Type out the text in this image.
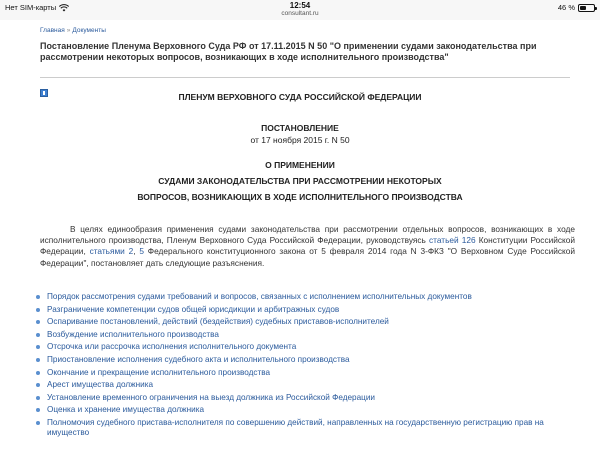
Нет SIM-карты	12:54
consultant.ru
46 %
Главная » Документы
Постановление Пленума Верховного Суда РФ от 17.11.2015 N 50 "О применении судами законодательства при рассмотрении некоторых вопросов, возникающих в ходе исполнительного производства"
ПЛЕНУМ ВЕРХОВНОГО СУДА РОССИЙСКОЙ ФЕДЕРАЦИИ
ПОСТАНОВЛЕНИЕ
от 17 ноября 2015 г. N 50
О ПРИМЕНЕНИИ
СУДАМИ ЗАКОНОДАТЕЛЬСТВА ПРИ РАССМОТРЕНИИ НЕКОТОРЫХ
ВОПРОСОВ, ВОЗНИКАЮЩИХ В ХОДЕ ИСПОЛНИТЕЛЬНОГО ПРОИЗВОДСТВА
В целях единообразия применения судами законодательства при рассмотрении отдельных вопросов, возникающих в ходе исполнительного производства, Пленум Верховного Суда Российской Федерации, руководствуясь статьей 126 Конституции Российской Федерации, статьями 2, 5 Федерального конституционного закона от 5 февраля 2014 года N 3-ФКЗ "О Верховном Суде Российской Федерации", постановляет дать следующие разъяснения.
Порядок рассмотрения судами требований и вопросов, связанных с исполнением исполнительных документов
Разграничение компетенции судов общей юрисдикции и арбитражных судов
Оспаривание постановлений, действий (бездействия) судебных приставов-исполнителей
Возбуждение исполнительного производства
Отсрочка или рассрочка исполнения исполнительного документа
Приостановление исполнения судебного акта и исполнительного производства
Окончание и прекращение исполнительного производства
Арест имущества должника
Установление временного ограничения на выезд должника из Российской Федерации
Оценка и хранение имущества должника
Полномочия судебного пристава-исполнителя по совершению действий, направленных на государственную регистрацию прав на имущество
